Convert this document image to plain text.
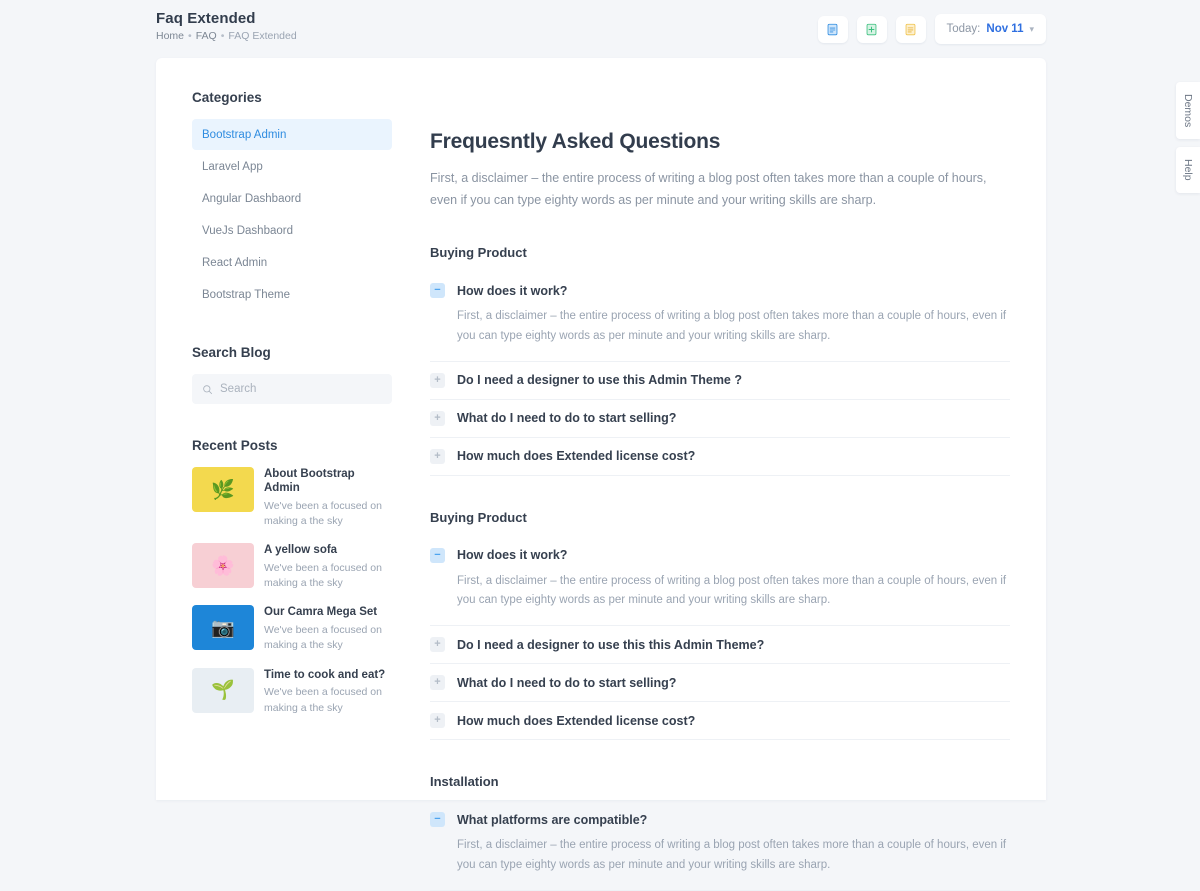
Faq Extended
Home • FAQ • FAQ Extended
Today: Nov 11 ▾
Categories
Bootstrap Admin
Laravel App
Angular Dashbaord
VueJs Dashbaord
React Admin
Bootstrap Theme
Search Blog
Search
Recent Posts
🌿
About Bootstrap Admin
We've been a focused on making a the sky
🌸
A yellow sofa
We've been a focused on making a the sky
📷
Our Camra Mega Set
We've been a focused on making a the sky
🌱
Time to cook and eat?
We've been a focused on making a the sky
Frequesntly Asked Questions
First, a disclaimer – the entire process of writing a blog post often takes more than a couple of hours, even if you can type eighty words as per minute and your writing skills are sharp.
Buying Product
−	How does it work?
First, a disclaimer – the entire process of writing a blog post often takes more than a couple of hours, even if you can type eighty words as per minute and your writing skills are sharp.
+	Do I need a designer to use this Admin Theme ?
+	What do I need to do to start selling?
+	How much does Extended license cost?
Buying Product
−	How does it work?
First, a disclaimer – the entire process of writing a blog post often takes more than a couple of hours, even if you can type eighty words as per minute and your writing skills are sharp.
+	Do I need a designer to use this this Admin Theme?
+	What do I need to do to start selling?
+	How much does Extended license cost?
Installation
−	What platforms are compatible?
First, a disclaimer – the entire process of writing a blog post often takes more than a couple of hours, even if you can type eighty words as per minute and your writing skills are sharp.
Demos
Help
